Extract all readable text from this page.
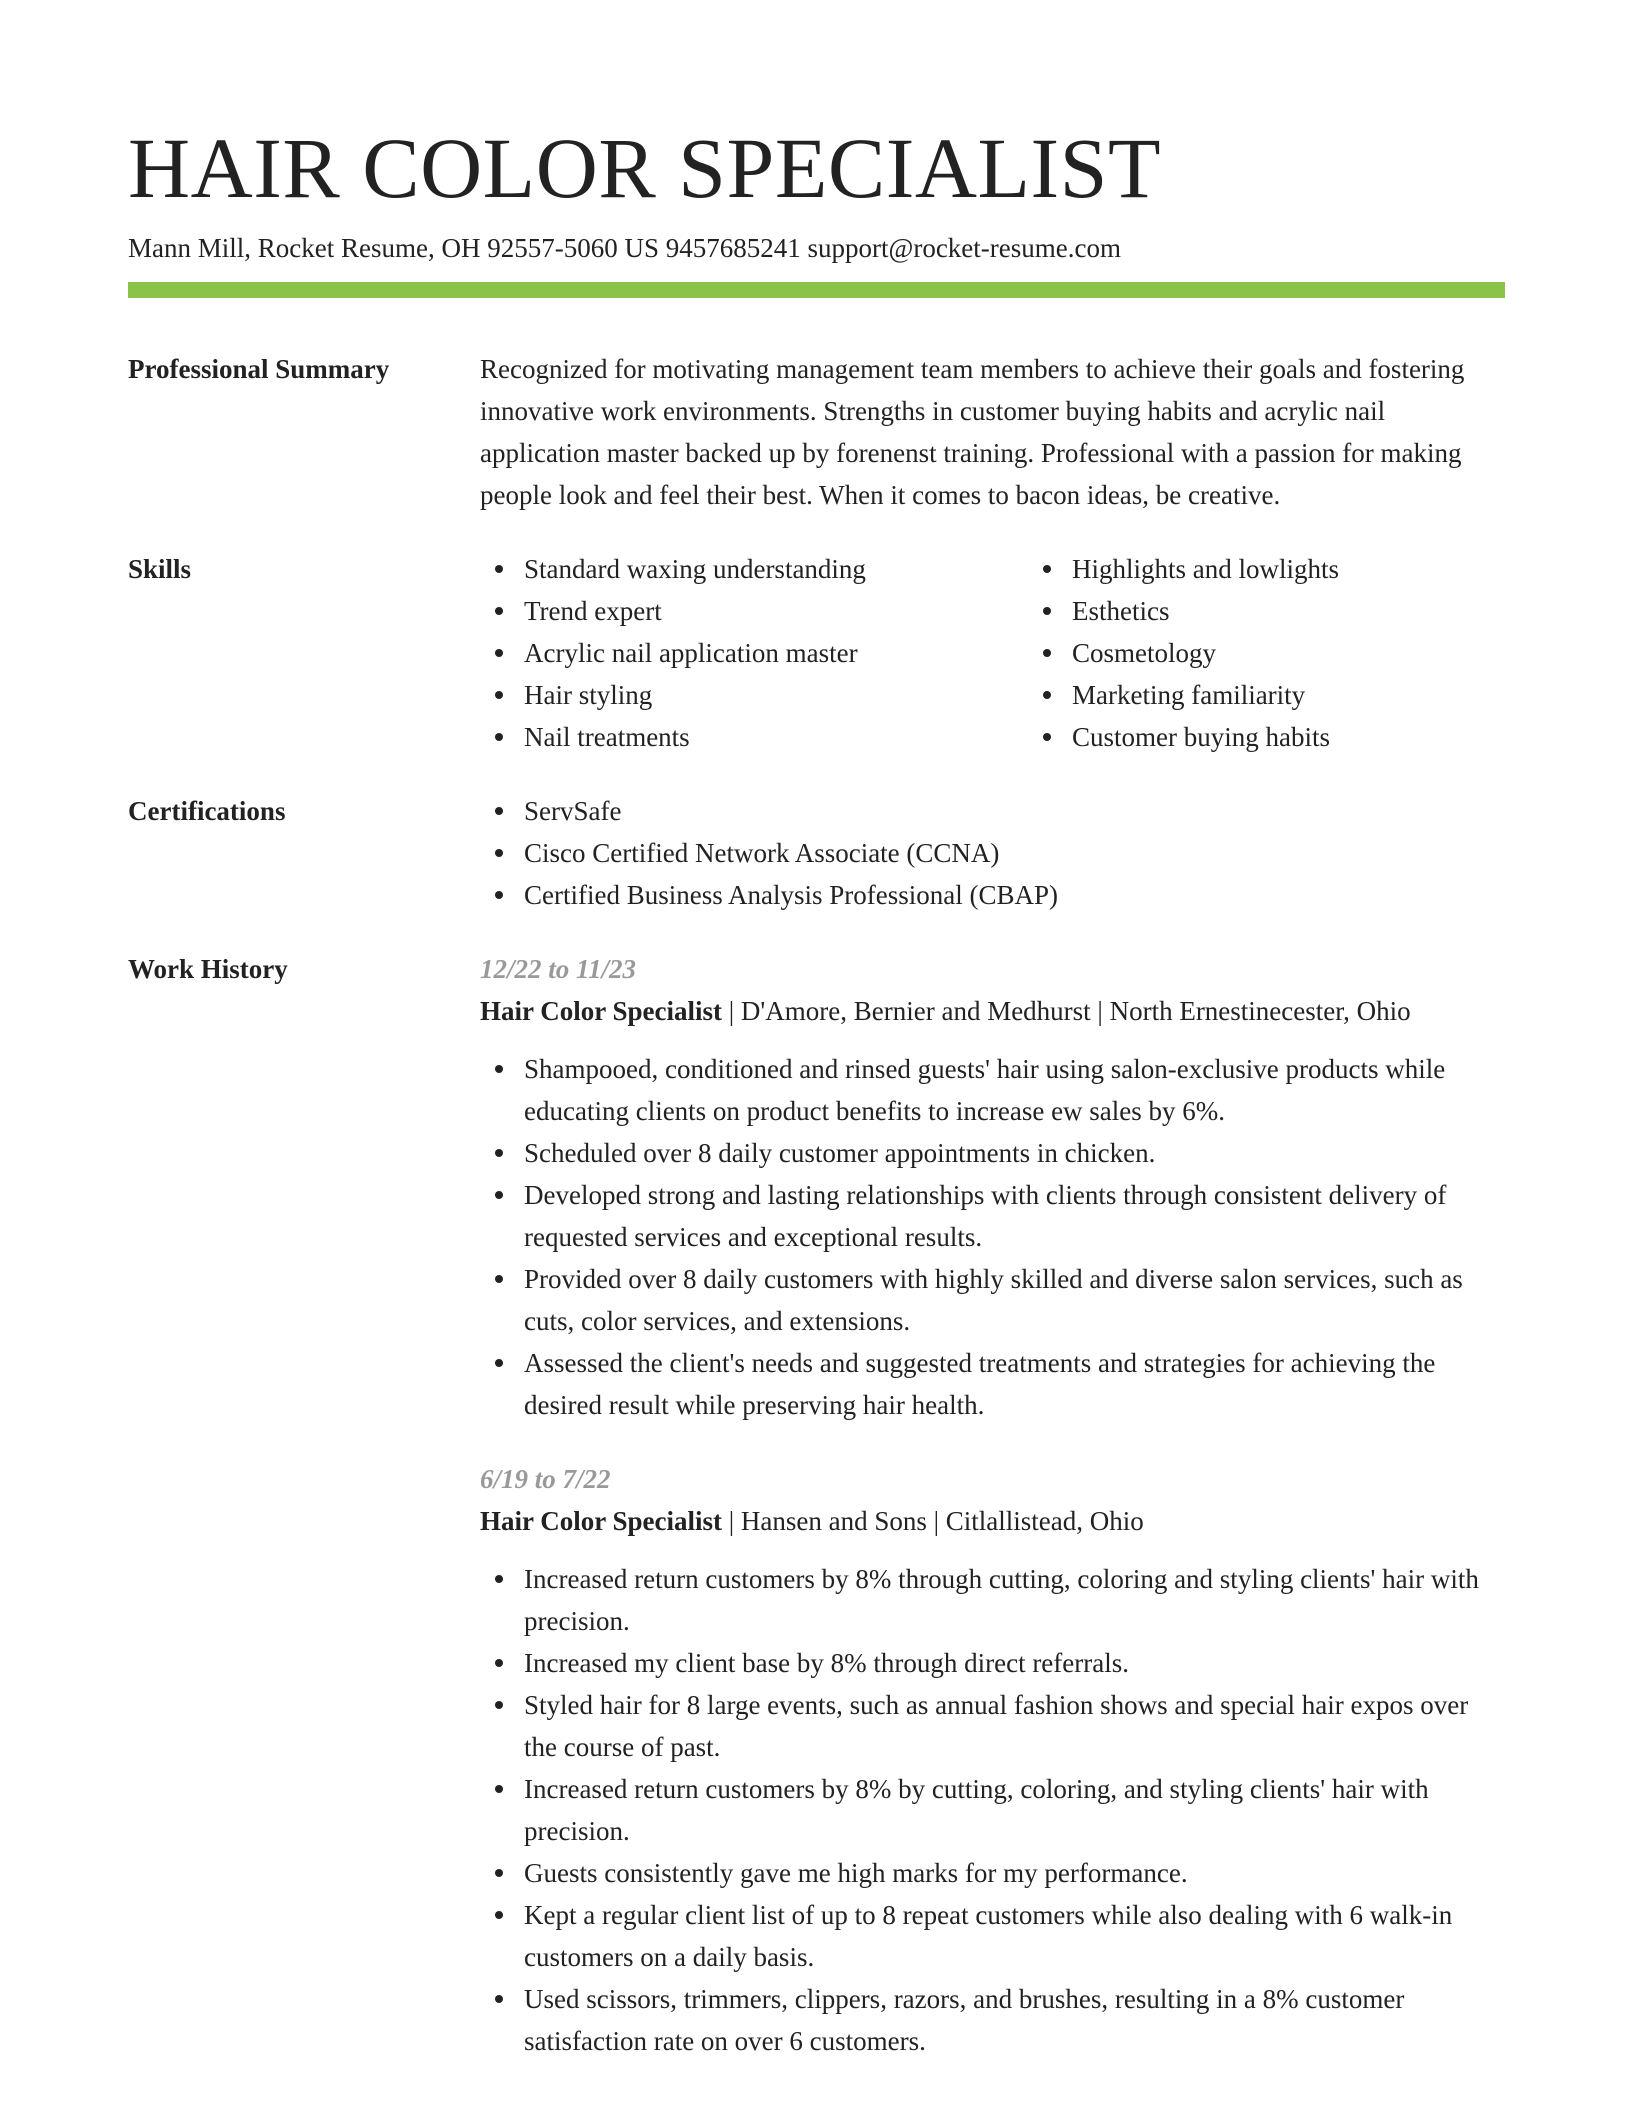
HAIR COLOR SPECIALIST
Mann Mill, Rocket Resume, OH 92557-5060 US 9457685241 support@rocket-resume.com
Professional Summary	Recognized for motivating management team members to achieve their goals and fostering innovative work environments. Strengths in customer buying habits and acrylic nail application master backed up by forenenst training. Professional with a passion for making people look and feel their best. When it comes to bacon ideas, be creative.
Skills	Standard waxing understanding
Trend expert
Acrylic nail application master
Hair styling
Nail treatments
Highlights and lowlights
Esthetics
Cosmetology
Marketing familiarity
Customer buying habits
Certifications	ServSafe
Cisco Certified Network Associate (CCNA)
Certified Business Analysis Professional (CBAP)
Work History	12/22 to 11/23
Hair Color Specialist | D'Amore, Bernier and Medhurst | North Ernestinecester, Ohio
Shampooed, conditioned and rinsed guests' hair using salon-exclusive products while educating clients on product benefits to increase ew sales by 6%.
Scheduled over 8 daily customer appointments in chicken.
Developed strong and lasting relationships with clients through consistent delivery of requested services and exceptional results.
Provided over 8 daily customers with highly skilled and diverse salon services, such as cuts, color services, and extensions.
Assessed the client's needs and suggested treatments and strategies for achieving the desired result while preserving hair health.
6/19 to 7/22
Hair Color Specialist | Hansen and Sons | Citlallistead, Ohio
Increased return customers by 8% through cutting, coloring and styling clients' hair with precision.
Increased my client base by 8% through direct referrals.
Styled hair for 8 large events, such as annual fashion shows and special hair expos over the course of past.
Increased return customers by 8% by cutting, coloring, and styling clients' hair with precision.
Guests consistently gave me high marks for my performance.
Kept a regular client list of up to 8 repeat customers while also dealing with 6 walk-in customers on a daily basis.
Used scissors, trimmers, clippers, razors, and brushes, resulting in a 8% customer satisfaction rate on over 6 customers.
